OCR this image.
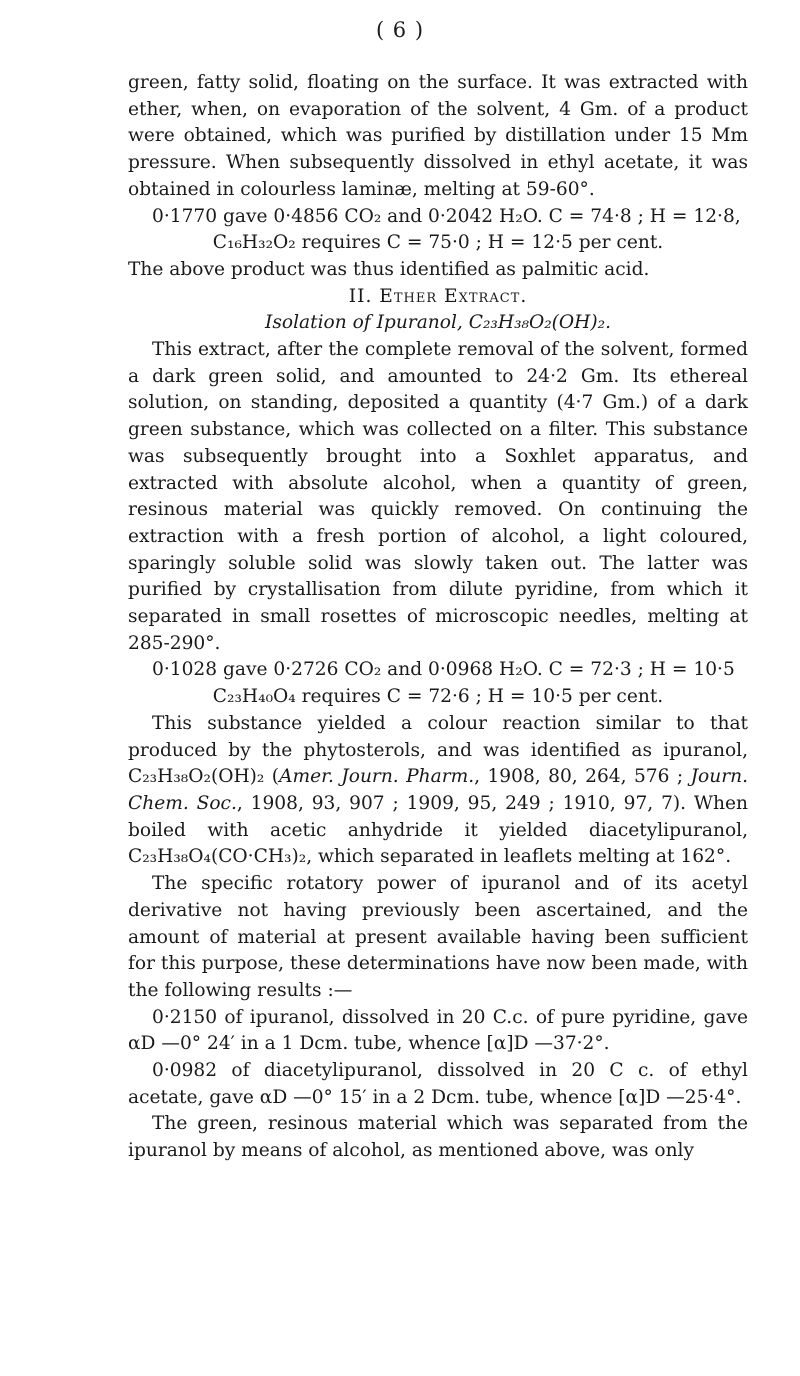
( 6 )

green, fatty solid, floating on the surface. It was extracted with ether, when, on evaporation of the solvent, 4 Gm. of a product were obtained, which was purified by distillation under 15 Mm pressure. When subsequently dissolved in ethyl acetate, it was obtained in colourless laminæ, melting at 59-60°.

0·1770 gave 0·4856 CO₂ and 0·2042 H₂O. C = 74·8 ; H = 12·8,

C₁₆H₃₂O₂ requires C = 75·0 ; H = 12·5 per cent.

The above product was thus identified as palmitic acid.

II. Ether Extract.

Isolation of Ipuranol, C₂₃H₃₈O₂(OH)₂.

This extract, after the complete removal of the solvent, formed a dark green solid, and amounted to 24·2 Gm. Its ethereal solution, on standing, deposited a quantity (4·7 Gm.) of a dark green substance, which was collected on a filter. This substance was subsequently brought into a Soxhlet apparatus, and extracted with absolute alcohol, when a quantity of green, resinous material was quickly removed. On continuing the extraction with a fresh portion of alcohol, a light coloured, sparingly soluble solid was slowly taken out. The latter was purified by crystallisation from dilute pyridine, from which it separated in small rosettes of microscopic needles, melting at 285-290°.

0·1028 gave 0·2726 CO₂ and 0·0968 H₂O. C = 72·3 ; H = 10·5

C₂₃H₄₀O₄ requires C = 72·6 ; H = 10·5 per cent.

This substance yielded a colour reaction similar to that produced by the phytosterols, and was identified as ipuranol, C₂₃H₃₈O₂(OH)₂ (Amer. Journ. Pharm., 1908, 80, 264, 576 ; Journ. Chem. Soc., 1908, 93, 907 ; 1909, 95, 249 ; 1910, 97, 7). When boiled with acetic anhydride it yielded diacetylipuranol, C₂₃H₃₈O₄(CO·CH₃)₂, which separated in leaflets melting at 162°.

The specific rotatory power of ipuranol and of its acetyl derivative not having previously been ascertained, and the amount of material at present available having been sufficient for this purpose, these determinations have now been made, with the following results :—

0·2150 of ipuranol, dissolved in 20 C.c. of pure pyridine, gave αD —0° 24′ in a 1 Dcm. tube, whence [α]D —37·2°.

0·0982 of diacetylipuranol, dissolved in 20 C c. of ethyl acetate, gave αD —0° 15′ in a 2 Dcm. tube, whence [α]D —25·4°.

The green, resinous material which was separated from the ipuranol by means of alcohol, as mentioned above, was only
